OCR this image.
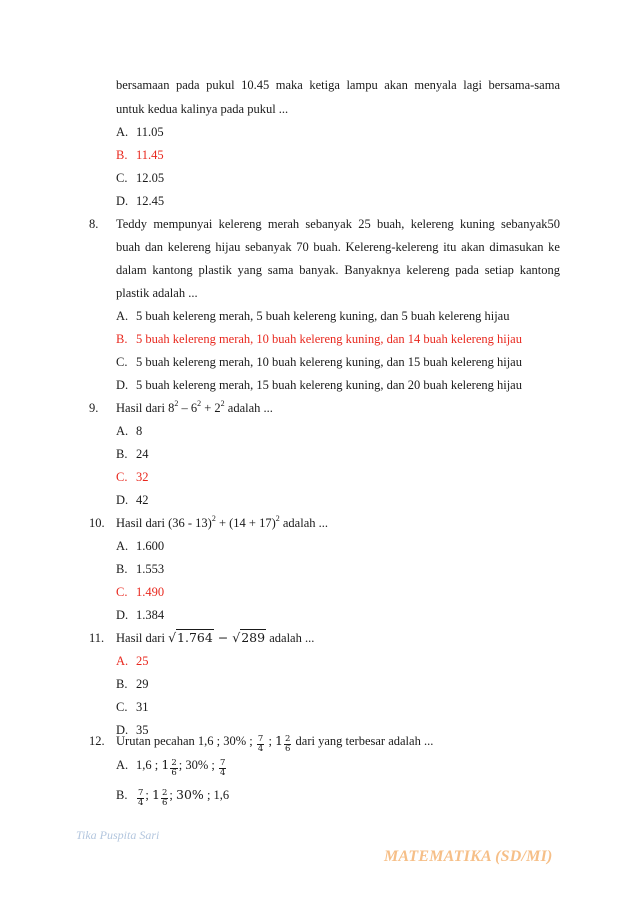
bersamaan pada pukul 10.45 maka ketiga lampu akan menyala lagi bersama-sama
untuk kedua kalinya pada pukul ...
A. 11.05
B. 11.45
C. 12.05
D. 12.45
8. Teddy mempunyai kelereng merah sebanyak 25 buah, kelereng kuning sebanyak50
buah dan kelereng hijau sebanyak 70 buah. Kelereng-kelereng itu akan dimasukan ke
dalam kantong plastik yang sama banyak. Banyaknya kelereng pada setiap kantong
plastik adalah ...
A. 5 buah kelereng merah, 5 buah kelereng kuning, dan 5 buah kelereng hijau
B. 5 buah kelereng merah, 10 buah kelereng kuning, dan 14 buah kelereng hijau
C. 5 buah kelereng merah, 10 buah kelereng kuning, dan 15 buah kelereng hijau
D. 5 buah kelereng merah, 15 buah kelereng kuning, dan 20 buah kelereng hijau
9. Hasil dari $8^2 - 6^2 + 2^2$ adalah ...
A. 8
B. 24
C. 32
D. 42
10. Hasil dari $(36 - 13)^2 + (14 + 17)^2$ adalah ...
A. 1.600
B. 1.553
C. 1.490
D. 1.384
11. Hasil dari √1.764 − √289 adalah ...
A. 25
B. 29
C. 31
D. 35
12. Urutan pecahan 1,6 ; 30% ; $\frac{7}{4}$ ; $1 \frac{2}{6}$ dari yang terbesar adalah ...
A. 1,6 ; $1 \frac{2}{6}$ ; 30% ; $\frac{7}{4}$
B. $\frac{7}{4}$ ; $1 \frac{2}{6}$ ; 30% ; 1,6
Tika Puspita Sari
MATEMATIKA (SD/MI)
